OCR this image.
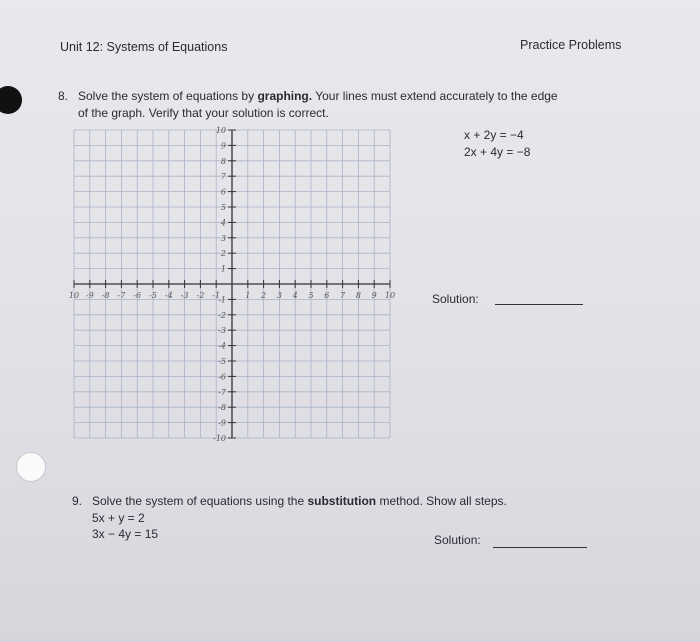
Unit 12: Systems of Equations	Practice Problems
8. Solve the system of equations by graphing. Your lines must extend accurately to the edge
of the graph. Verify that your solution is correct.
10 -9 -8 -7 -6 -5 -4 -3 -2 -1	1 2 3 4 5 6 7 8 9 10
10
9
8
7
6
5
4
3
2
1
-1
-2
-3
-4
-5
-6
-7
-8
-9
-10
x + 2y = −4
2x + 4y = −8
Solution:
9. Solve the system of equations using the substitution method. Show all steps.
5x + y = 2
3x − 4y = 15	Solution:
